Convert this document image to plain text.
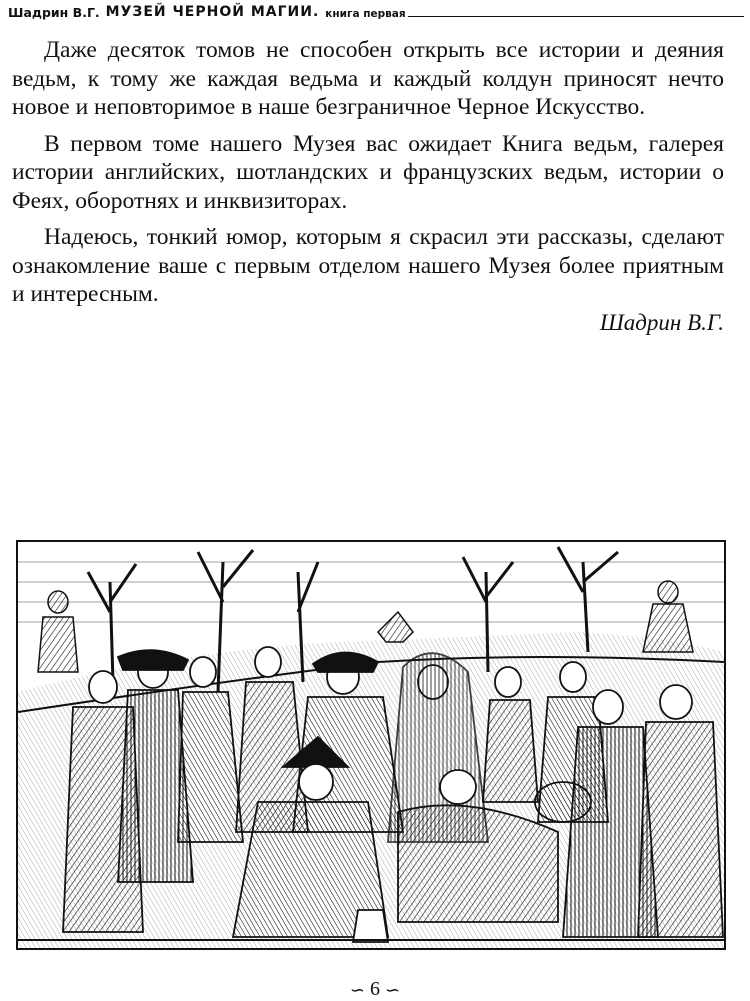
Шадрин В.Г. МУЗЕЙ ЧЕРНОЙ МАГИИ. книга первая

Даже десяток томов не способен открыть все истории и деяния ведьм, к тому же каждая ведьма и каждый колдун приносят нечто новое и неповторимое в наше безграничное Черное Искусство.

В первом томе нашего Музея вас ожидает Книга ведьм, галерея истории английских, шотландских и французских ведьм, истории о Феях, оборотнях и инквизиторах.

Надеюсь, тонкий юмор, которым я скрасил эти рассказы, сделают ознакомление ваше с первым отделом нашего Музея более приятным и интересным.

Шадрин В.Г.
∽ 6 ∽
